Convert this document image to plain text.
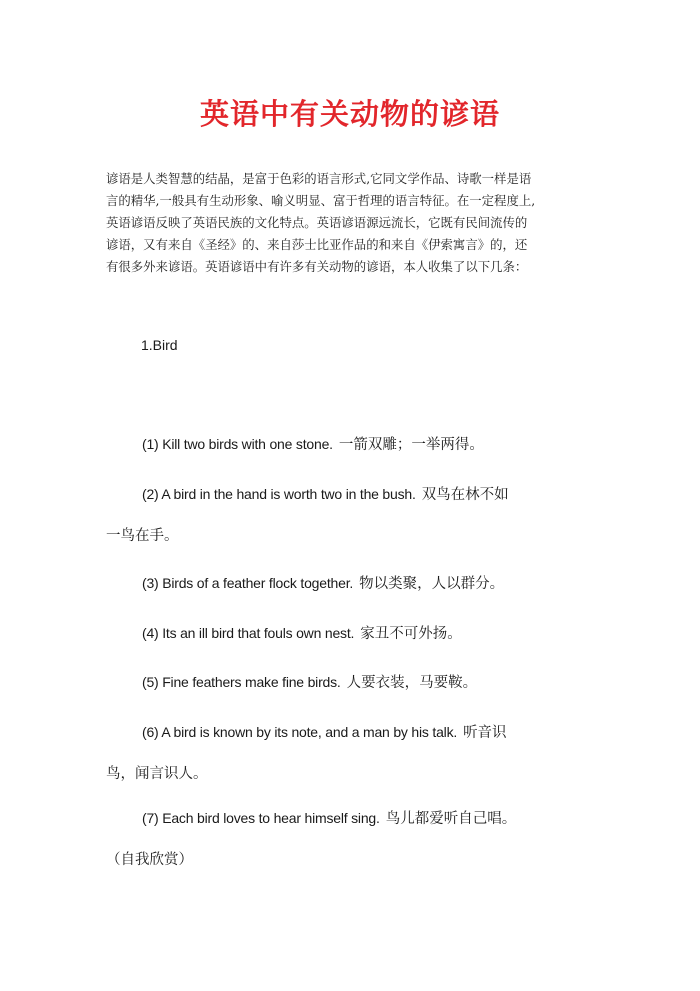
英语中有关动物的谚语
谚语是人类智慧的结晶，是富于色彩的语言形式,它同文学作品、诗歌一样是语
言的精华,一般具有生动形象、喻义明显、富于哲理的语言特征。在一定程度上,
英语谚语反映了英语民族的文化特点。英语谚语源远流长，它既有民间流传的
谚语，又有来自《圣经》的、来自莎士比亚作品的和来自《伊索寓言》的，还
有很多外来谚语。英语谚语中有许多有关动物的谚语，本人收集了以下几条：
1.Bird
(1) Kill two birds with one stone. 一箭双雕；一举两得。
(2) A bird in the hand is worth two in the bush. 双鸟在林不如
一鸟在手。
(3) Birds of a feather flock together. 物以类聚，人以群分。
(4) Its an ill bird that fouls own nest. 家丑不可外扬。
(5) Fine feathers make fine birds. 人要衣装，马要鞍。
(6) A bird is known by its note, and a man by his talk. 听音识
鸟，闻言识人。
(7) Each bird loves to hear himself sing. 鸟儿都爱听自己唱。
（自我欣赏）
